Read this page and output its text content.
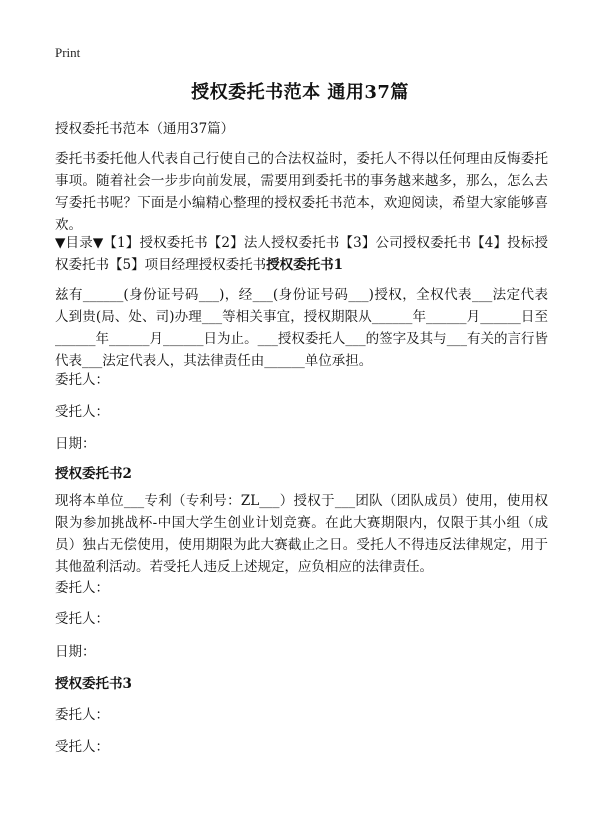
Print
授权委托书范本 通用37篇

授权委托书范本（通用37篇）

委托书委托他人代表自己行使自己的合法权益时，委托人不得以任何理由反悔委托事项。随着社会一步步向前发展，需要用到委托书的事务越来越多，那么，怎么去写委托书呢？下面是小编精心整理的授权委托书范本，欢迎阅读，希望大家能够喜欢。

▼目录▼【1】授权委托书【2】法人授权委托书【3】公司授权委托书【4】投标授权委托书【5】项目经理授权委托书授权委托书1

兹有______(身份证号码___)，经___(身份证号码___)授权，全权代表___法定代表人到贵(局、处、司)办理___等相关事宜，授权期限从______年______月______日至______年______月______日为止。___授权委托人___的签字及其与___有关的言行皆代表___法定代表人，其法律责任由______单位承担。

委托人：

受托人：

日期：

授权委托书2

现将本单位___专利（专利号：ZL___）授权于___团队（团队成员）使用，使用权限为参加挑战杯-中国大学生创业计划竞赛。在此大赛期限内，仅限于其小组（成员）独占无偿使用，使用期限为此大赛截止之日。受托人不得违反法律规定，用于其他盈利活动。若受托人违反上述规定，应负相应的法律责任。

委托人：

受托人：

日期：

授权委托书3

委托人：

受托人：
